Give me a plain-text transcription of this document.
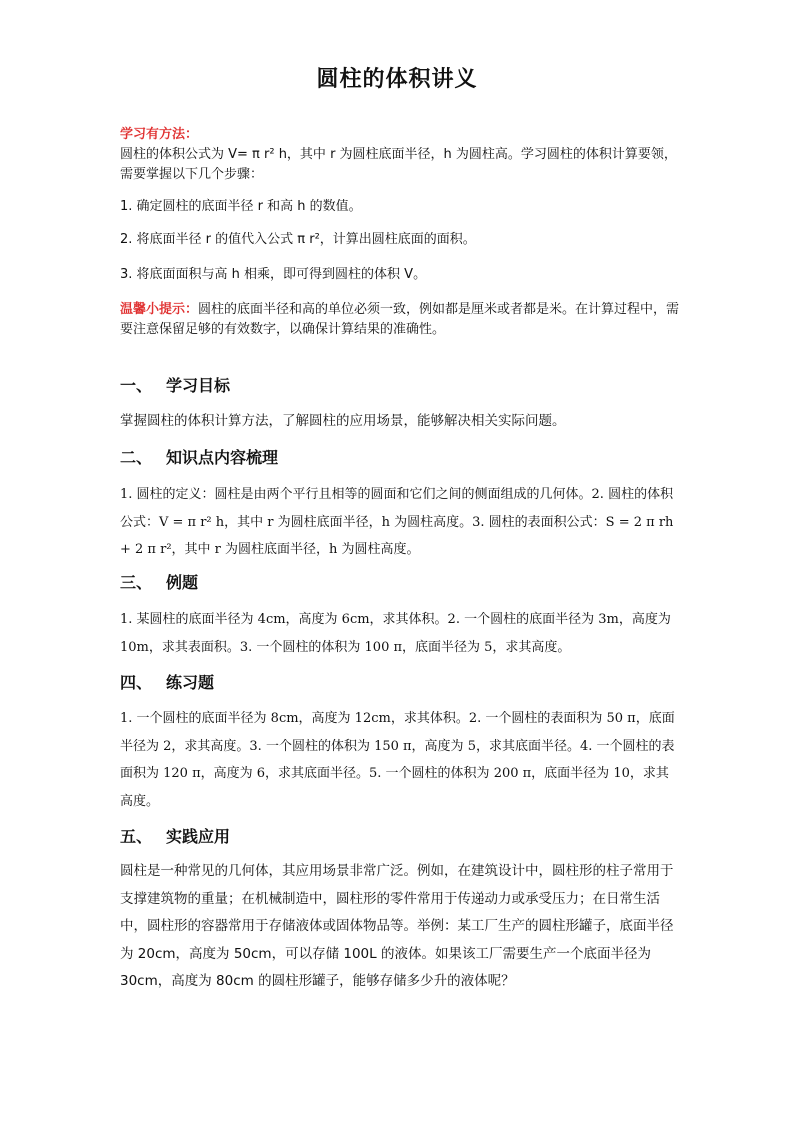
圆柱的体积讲义
学习有方法：
圆柱的体积公式为 V= π r² h，其中 r 为圆柱底面半径，h 为圆柱高。学习圆柱的体积计算要领，需要掌握以下几个步骤：
1. 确定圆柱的底面半径 r 和高 h 的数值。
2. 将底面半径 r 的值代入公式 π r²，计算出圆柱底面的面积。
3. 将底面面积与高 h 相乘，即可得到圆柱的体积 V。
温馨小提示：圆柱的底面半径和高的单位必须一致，例如都是厘米或者都是米。在计算过程中，需要注意保留足够的有效数字，以确保计算结果的准确性。
一、 学习目标
掌握圆柱的体积计算方法，了解圆柱的应用场景，能够解决相关实际问题。
二、 知识点内容梳理
1. 圆柱的定义：圆柱是由两个平行且相等的圆面和它们之间的侧面组成的几何体。2. 圆柱的体积公式：V = π r² h，其中 r 为圆柱底面半径，h 为圆柱高度。3. 圆柱的表面积公式：S = 2 π rh + 2 π r²，其中 r 为圆柱底面半径，h 为圆柱高度。
三、 例题
1. 某圆柱的底面半径为 4cm，高度为 6cm，求其体积。2. 一个圆柱的底面半径为 3m，高度为 10m，求其表面积。3. 一个圆柱的体积为 100 π，底面半径为 5，求其高度。
四、 练习题
1. 一个圆柱的底面半径为 8cm，高度为 12cm，求其体积。2. 一个圆柱的表面积为 50 π，底面半径为 2，求其高度。3. 一个圆柱的体积为 150 π，高度为 5，求其底面半径。4. 一个圆柱的表面积为 120 π，高度为 6，求其底面半径。5. 一个圆柱的体积为 200 π，底面半径为 10，求其高度。
五、 实践应用
圆柱是一种常见的几何体，其应用场景非常广泛。例如，在建筑设计中，圆柱形的柱子常用于支撑建筑物的重量；在机械制造中，圆柱形的零件常用于传递动力或承受压力；在日常生活中，圆柱形的容器常用于存储液体或固体物品等。举例：某工厂生产的圆柱形罐子，底面半径为 20cm，高度为 50cm，可以存储 100L 的液体。如果该工厂需要生产一个底面半径为 30cm，高度为 80cm 的圆柱形罐子，能够存储多少升的液体呢？
